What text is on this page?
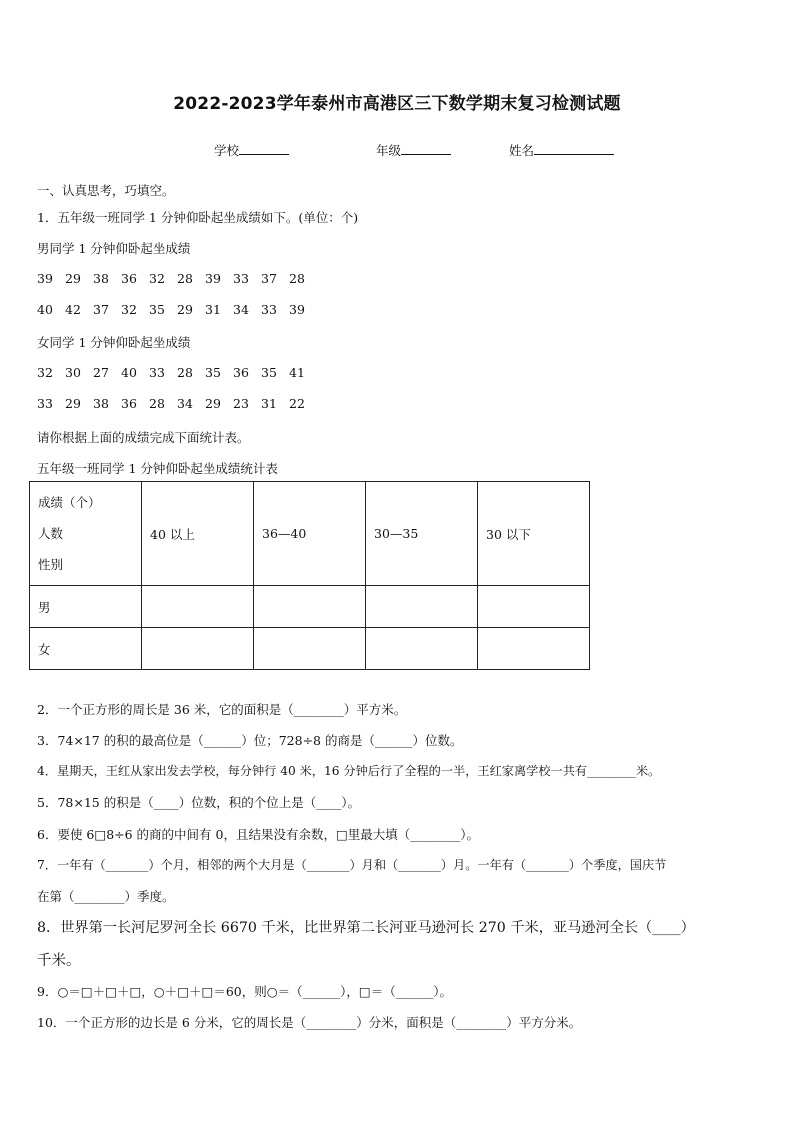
2022-2023学年泰州市高港区三下数学期末复习检测试题
学校	年级	姓名
一、认真思考，巧填空。
1．五年级一班同学 1 分钟仰卧起坐成绩如下。(单位：个)
男同学 1 分钟仰卧起坐成绩
39 29 38 36 32 28 39 33 37 28
40 42 37 32 35 29 31 34 33 39
女同学 1 分钟仰卧起坐成绩
32 30 27 40 33 28 35 36 35 41
33 29 38 36 28 34 29 23 31 22
请你根据上面的成绩完成下面统计表。
五年级一班同学 1 分钟仰卧起坐成绩统计表
成绩（个）
人数
性别	40 以上	36—40	30—35	30 以下
男				
女				
2．一个正方形的周长是 36 米，它的面积是（________）平方米。
3．74×17 的积的最高位是（______）位；728÷8 的商是（______）位数。
4．星期天，王红从家出发去学校，每分钟行 40 米，16 分钟后行了全程的一半，王红家离学校一共有________米。
5．78×15 的积是（____）位数，积的个位上是（____）。
6．要使 6□8÷6 的商的中间有 0，且结果没有余数，□里最大填（________）。
7．一年有（_______）个月，相邻的两个大月是（_______）月和（_______）月。一年有（_______）个季度，国庆节
在第（________）季度。
8．世界第一长河尼罗河全长 6670 千米，比世界第二长河亚马逊河长 270 千米，亚马逊河全长（____）
千米。
9．○＝□＋□＋□，○＋□＋□＝60，则○＝（______），□＝（______）。
10．一个正方形的边长是 6 分米，它的周长是（________）分米，面积是（________）平方分米。
